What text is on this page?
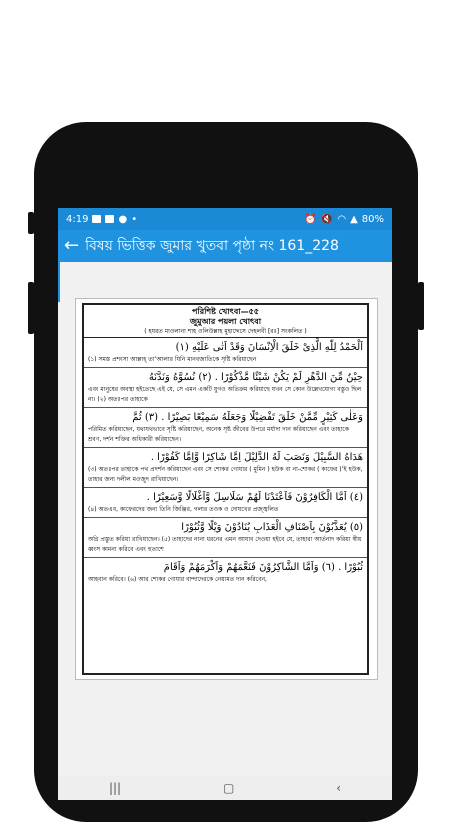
4:19	● •	⏰ 🔇 ◠ ▲ 80%
← বিষয় ভিত্তিক জুমার খুতবা পৃষ্ঠা নং 161_228
পরিশিষ্ট খোৎবা—৫৫
জুমুআর পয়লা খোৎবা
( হযরত মাওলানা শাহ ওলিউল্লাহ মুহাদ্দেসে দেহলবী [রঃ] সংকলিত )
اَلْحَمْدُ لِلّٰهِ الَّذِىْ خَلَقَ الْاِنْسَانَ وَقَدْ اَتٰى عَلَيْهِ (١)
(১) সমস্ত প্রশংসা আল্লাহ্ তা’আলার যিনি মানবজাতিকে সৃষ্টি করিয়াছেন
حِيْنٌ مِّنَ الدَّهْرِ لَمْ يَكُنْ شَيْئًا مَّذْكُوْرًا . (٢) نُسُوَّهُ وَنَدَّنَهُ
এবং মানুষের অবস্থা হইতেছে এই যে, সে এমন একটি যুগও অতিক্রম করিয়াছে যখন সে কোন উল্লেখযোগ্য বস্তুও ছিল না। (২) অতঃপর তাহাকে
وَعَلٰى كَثِيْرٍ مِّمَّنْ خَلَقَ تَفْضِيْلًا وَجَعَلَهُ سَمِيْعًا بَصِيْرًا . (٣) ثُمَّ
পরিমিত করিয়াছেন, যথাযথভাবে সৃষ্টি করিয়াছেন, অনেক সৃষ্ট জীবের উপরে মর্যাদা দান করিয়াছেন এবং তাহাকে শ্রবণ, দর্শন শক্তির অধিকারী করিয়াছেন।
هَدَاهُ السَّبِيْلَ وَنَصَبَ لَهُ الدَّلِيْلَ اِمَّا شَاكِرًا وَّاِمَّا كَفُوْرًا .
(৩) অতঃপর তাহাকে পথ প্রদর্শন করিয়াছেন এবং সে শোকর গোযার ( মুমিন ) হউক বা না-শোকর ( কাফের )’ই হউক, তাহার জন্য দলীল মওজুদ রাখিয়াছেন।
(٤) اَمَّا الْكَافِرُوْنَ فَاَعْتَدْنَا لَهُمْ سَلَاسِلَ وَّاَغْلَالًا وَّسَعِيْرًا .
(৪) অতএব, কাফেরদের জন্য তিনি জিঞ্জির, গলার তওক ও দোযখের প্রজ্জ্বলিত
(٥) يُعَذَّبُوْنَ بِاَصْنَافِ الْعَذَابِ يُنَادُوْنَ وَيْلًا وَّثُبُوْرًا
অগ্নি প্রস্তুত করিয়া রাখিয়াছেন। (৫) তাহাদের নানা ধরনের এমন আযাব দেওয়া হইবে যে, তাহারা আর্তনাদ করিয়া স্বীয় ধ্বংস কামনা করিবে এবং হুতাশে
ثُبُوْرًا . (٦) وَاَمَّا الشَّاكِرُوْنَ فَنَعَّمَهُمْ وَاَكْرَمَهُمْ وَاَقَامَ
আহবান করিবে। (৬) আর শোকর গোযার বান্দাদেরকে নেয়ামত দান করিবেন,
|||	▢	‹
